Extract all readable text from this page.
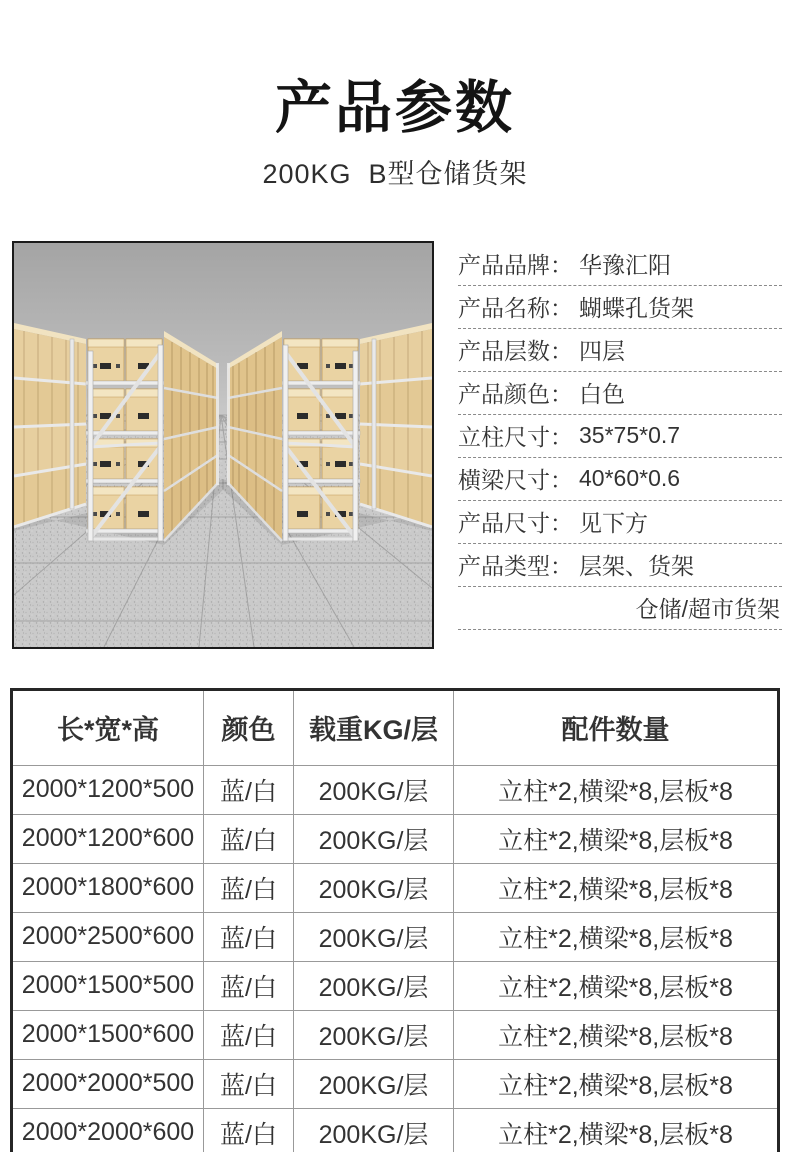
产品参数
200KG  B型仓储货架
产品品牌： 华豫汇阳
产品名称： 蝴蝶孔货架
产品层数： 四层
产品颜色： 白色
立柱尺寸： 35*75*0.7
横梁尺寸： 40*60*0.6
产品尺寸： 见下方
产品类型： 层架、货架
仓储/超市货架
长*宽*高	颜色	载重KG/层	配件数量
2000*1200*500	蓝/白	200KG/层	立柱*2,横梁*8,层板*8
2000*1200*600	蓝/白	200KG/层	立柱*2,横梁*8,层板*8
2000*1800*600	蓝/白	200KG/层	立柱*2,横梁*8,层板*8
2000*2500*600	蓝/白	200KG/层	立柱*2,横梁*8,层板*8
2000*1500*500	蓝/白	200KG/层	立柱*2,横梁*8,层板*8
2000*1500*600	蓝/白	200KG/层	立柱*2,横梁*8,层板*8
2000*2000*500	蓝/白	200KG/层	立柱*2,横梁*8,层板*8
2000*2000*600	蓝/白	200KG/层	立柱*2,横梁*8,层板*8
